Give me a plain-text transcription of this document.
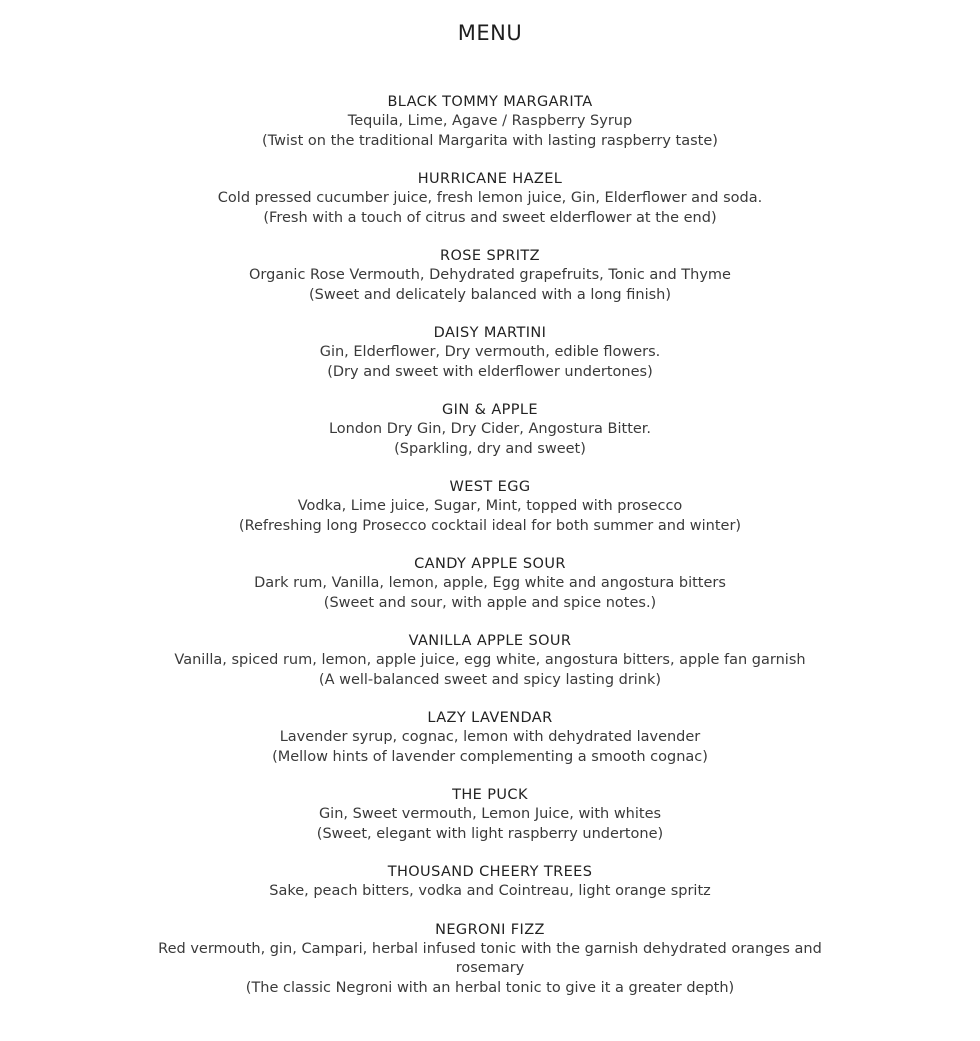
MENU

BLACK TOMMY MARGARITA

Tequila, Lime, Agave / Raspberry Syrup

(Twist on the traditional Margarita with lasting raspberry taste)

HURRICANE HAZEL

Cold pressed cucumber juice, fresh lemon juice, Gin, Elderflower and soda.

(Fresh with a touch of citrus and sweet elderflower at the end)

ROSE SPRITZ

Organic Rose Vermouth, Dehydrated grapefruits, Tonic and Thyme

(Sweet and delicately balanced with a long finish)

DAISY MARTINI

Gin, Elderflower, Dry vermouth, edible flowers.

(Dry and sweet with elderflower undertones)

GIN & APPLE

London Dry Gin, Dry Cider, Angostura Bitter.

(Sparkling, dry and sweet)

WEST EGG

Vodka, Lime juice, Sugar, Mint, topped with prosecco

(Refreshing long Prosecco cocktail ideal for both summer and winter)

CANDY APPLE SOUR

Dark rum, Vanilla, lemon, apple, Egg white and angostura bitters

(Sweet and sour, with apple and spice notes.)

VANILLA APPLE SOUR

Vanilla, spiced rum, lemon, apple juice, egg white, angostura bitters, apple fan garnish

(A well-balanced sweet and spicy lasting drink)

LAZY LAVENDAR

Lavender syrup, cognac, lemon with dehydrated lavender

(Mellow hints of lavender complementing a smooth cognac)

THE PUCK

Gin, Sweet vermouth, Lemon Juice, with whites

(Sweet, elegant with light raspberry undertone)

THOUSAND CHEERY TREES

Sake, peach bitters, vodka and Cointreau, light orange spritz

NEGRONI FIZZ

Red vermouth, gin, Campari, herbal infused tonic with the garnish dehydrated oranges and rosemary

(The classic Negroni with an herbal tonic to give it a greater depth)
